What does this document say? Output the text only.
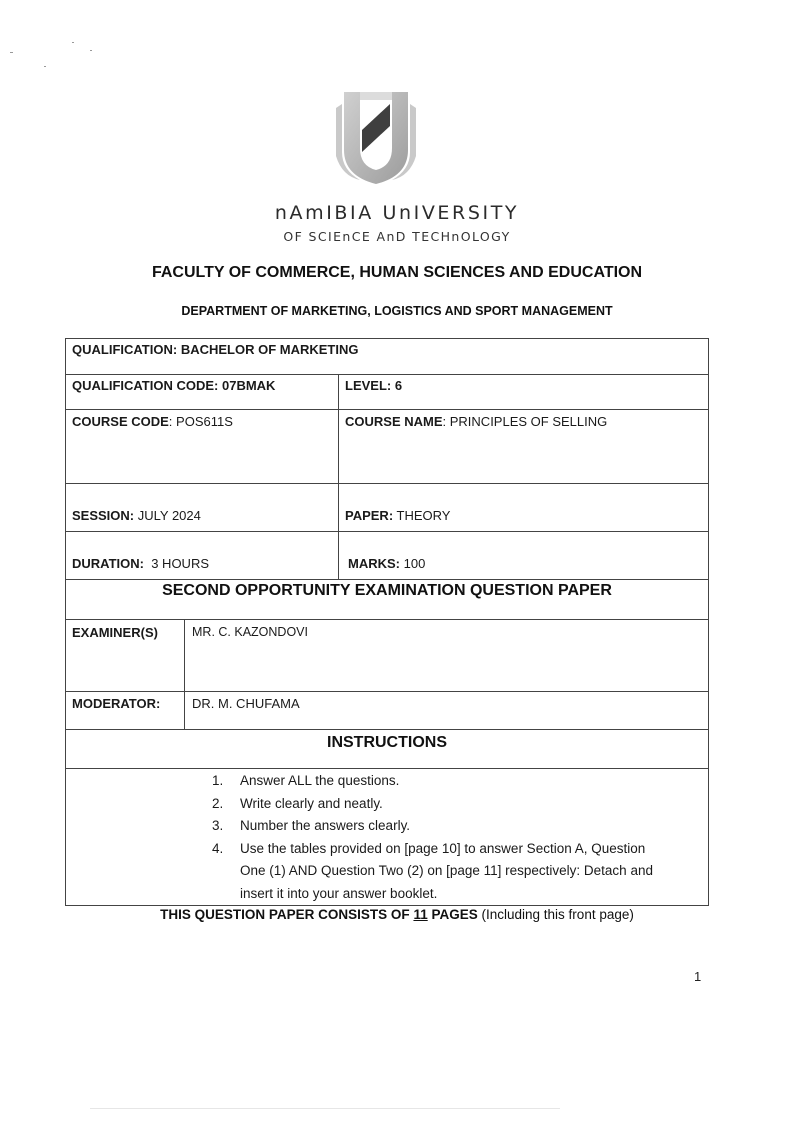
nAmIBIA UnIVERSITY
OF SCIEnCE AnD TECHnOLOGY
FACULTY OF COMMERCE, HUMAN SCIENCES AND EDUCATION
DEPARTMENT OF MARKETING, LOGISTICS AND SPORT MANAGEMENT
QUALIFICATION: BACHELOR OF MARKETING
QUALIFICATION CODE: 07BMAK	LEVEL: 6
COURSE CODE: POS611S	COURSE NAME: PRINCIPLES OF SELLING
SESSION: JULY 2024	PAPER: THEORY
DURATION: 3 HOURS	MARKS: 100
SECOND OPPORTUNITY EXAMINATION QUESTION PAPER
EXAMINER(S)	MR. C. KAZONDOVI
MODERATOR: DR. M. CHUFAMA
INSTRUCTIONS
1. Answer ALL the questions.
2. Write clearly and neatly.
3. Number the answers clearly.
4. Use the tables provided on [page 10] to answer Section A, Question
One (1) AND Question Two (2) on [page 11] respectively: Detach and
insert it into your answer booklet.
THIS QUESTION PAPER CONSISTS OF 11 PAGES (Including this front page)
1
